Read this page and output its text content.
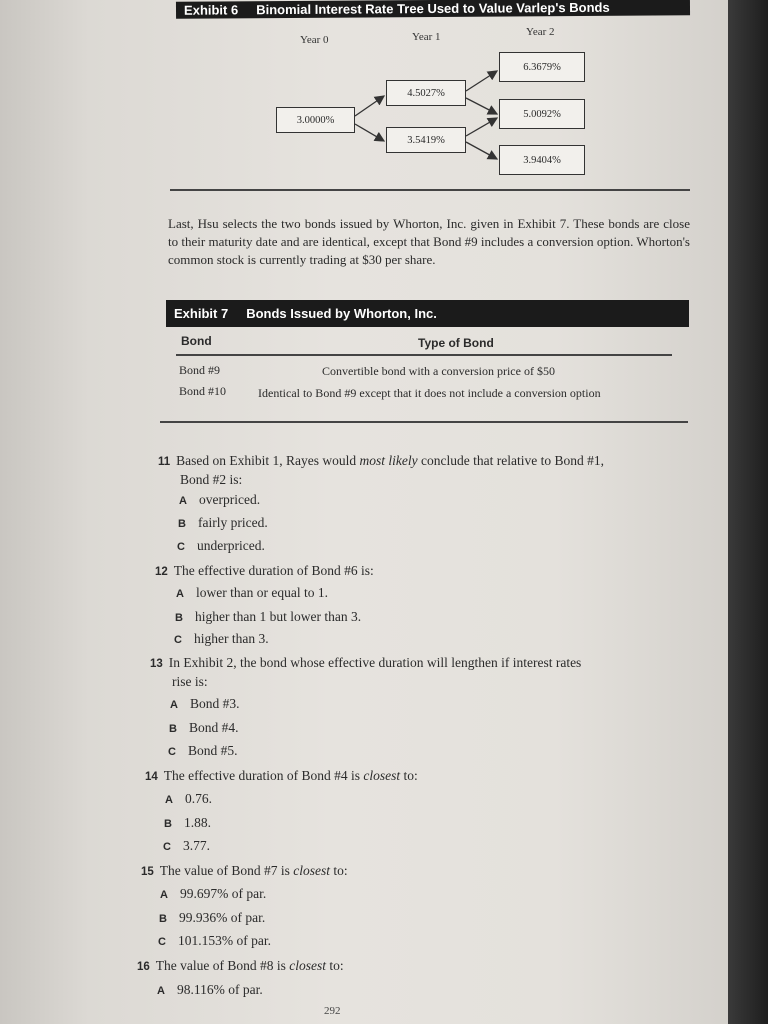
Exhibit 6 Binomial Interest Rate Tree Used to Value Varlep's Bonds
Year 0	Year 1	Year 2
3.0000%
4.5027%
3.5419%
6.3679%
5.0092%
3.9404%
Last, Hsu selects the two bonds issued by Whorton, Inc. given in Exhibit 7. These bonds are close to their maturity date and are identical, except that Bond #9 includes a conversion option. Whorton's common stock is currently trading at $30 per share.
Exhibit 7 Bonds Issued by Whorton, Inc.
Bond	Type of Bond
Bond #9	Convertible bond with a conversion price of $50
Bond #10	Identical to Bond #9 except that it does not include a conversion option
11 Based on Exhibit 1, Rayes would most likely conclude that relative to Bond #1,
Bond #2 is:
A overpriced.
B fairly priced.
C underpriced.
12 The effective duration of Bond #6 is:
A lower than or equal to 1.
B higher than 1 but lower than 3.
C higher than 3.
13 In Exhibit 2, the bond whose effective duration will lengthen if interest rates
rise is:
A Bond #3.
B Bond #4.
C Bond #5.
14 The effective duration of Bond #4 is closest to:
A 0.76.
B 1.88.
C 3.77.
15 The value of Bond #7 is closest to:
A 99.697% of par.
B 99.936% of par.
C 101.153% of par.
16 The value of Bond #8 is closest to:
A 98.116% of par.
292
